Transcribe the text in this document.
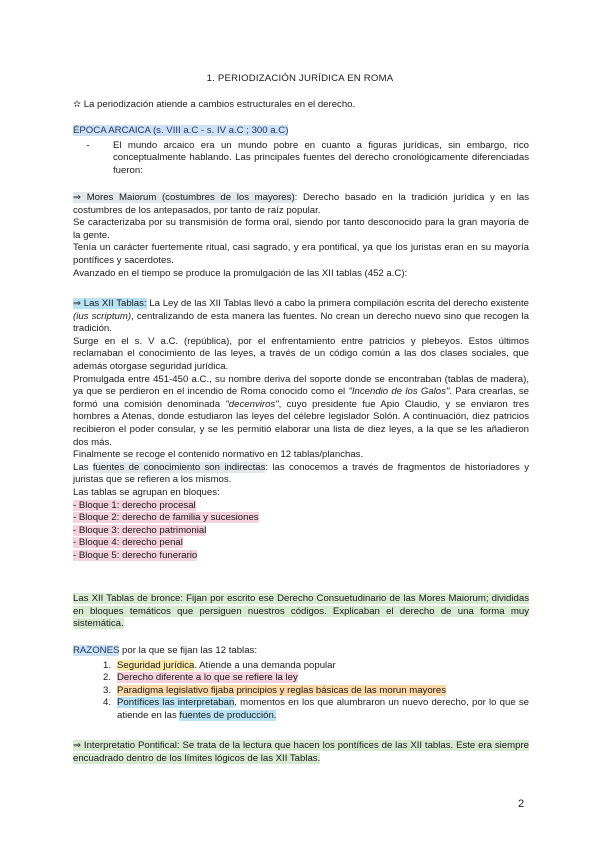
1. PERIODIZACIÓN JURÍDICA EN ROMA
✫ La periodización atiende a cambios estructurales en el derecho.

ÉPOCA ARCAICA (s. VIII a.C - s. IV a.C ; 300 a.C)

-	El mundo arcaico era un mundo pobre en cuanto a figuras jurídicas, sin embargo, rico conceptualmente hablando. Las principales fuentes del derecho cronológicamente diferenciadas fueron:

⇒ Mores Maiorum (costumbres de los mayores): Derecho basado en la tradición jurídica y en las costumbres de los antepasados, por tanto de raíz popular.

Se caracterizaba por su transmisión de forma oral, siendo por tanto desconocido para la gran mayoría de la gente.

Tenía un carácter fuertemente ritual, casi sagrado, y era pontifical, ya que los juristas eran en su mayoría pontífices y sacerdotes.

Avanzado en el tiempo se produce la promulgación de las XII tablas (452 a.C):

⇒ Las XII Tablas: La Ley de las XII Tablas llevó a cabo la primera compilación escrita del derecho existente (ius scriptum), centralizando de esta manera las fuentes. No crean un derecho nuevo sino que recogen la tradición.

Surge en el s. V a.C. (república), por el enfrentamiento entre patricios y plebeyos. Estos últimos reclamaban el conocimiento de las leyes, a través de un código común a las dos clases sociales, que además otorgase seguridad jurídica.

Promulgada entre 451-450 a.C., su nombre deriva del soporte donde se encontraban (tablas de madera), ya que se perdieron en el incendio de Roma conocido como el "Incendio de los Galos". Para crearlas, se formó una comisión denominada "decenviros", cuyo presidente fue Apio Claudio, y se enviaron tres hombres a Atenas, donde estudiaron las leyes del célebre legislador Solón. A continuación, diez patricios recibieron el poder consular, y se les permitió elaborar una lista de diez leyes, a la que se les añadieron dos más.

Finalmente se recoge el contenido normativo en 12 tablas/planchas.

Las fuentes de conocimiento son indirectas: las conocemos a través de fragmentos de historiadores y juristas que se refieren a los mismos.

Las tablas se agrupan en bloques:

- Bloque 1: derecho procesal

- Bloque 2: derecho de familia y sucesiones

- Bloque 3: derecho patrimonial

- Bloque 4: derecho penal

- Bloque 5: derecho funerario

Las XII Tablas de bronce: Fijan por escrito ese Derecho Consuetudinario de las Mores Maiorum; divididas en bloques temáticos que persiguen nuestros códigos. Explicaban el derecho de una forma muy sistemática.

RAZONES por la que se fijan las 12 tablas:

1. Seguridad jurídica. Atiende a una demanda popular
2. Derecho diferente a lo que se refiere la ley
3. Paradigma legislativo fijaba principios y reglas básicas de las morun mayores
4. Pontífices las interpretaban, momentos en los que alumbraron un nuevo derecho, por lo que se atiende en las fuentes de producción.

⇒ Interpretatio Pontifical: Se trata de la lectura que hacen los pontífices de las XII tablas. Este era siempre encuadrado dentro de los límites lógicos de las XII Tablas.

2
